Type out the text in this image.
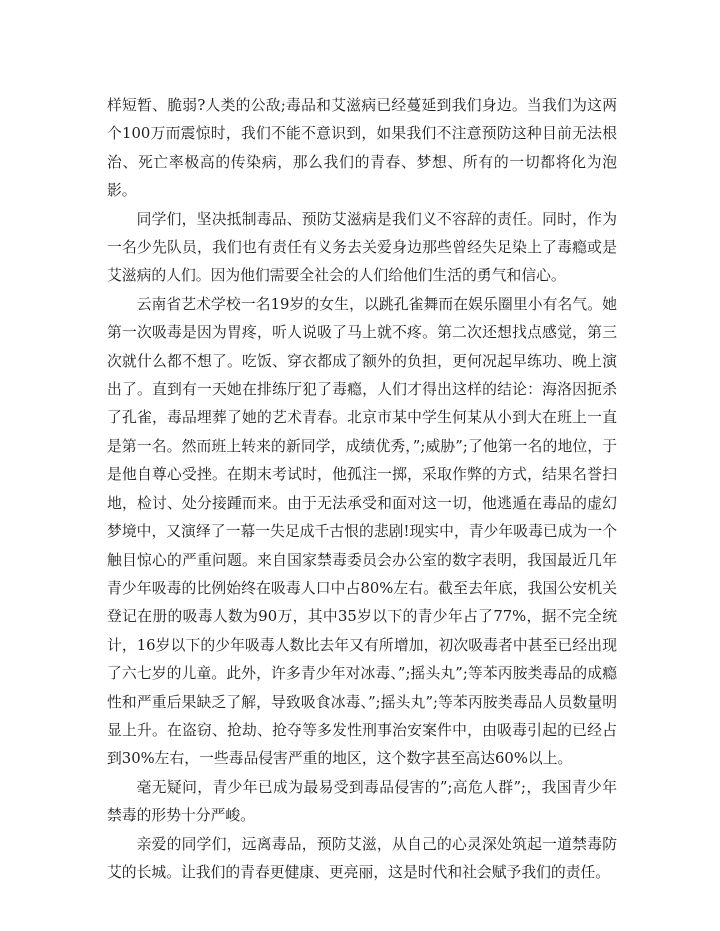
样短暂、脆弱?人类的公敌;毒品和艾滋病已经蔓延到我们身边。当我们为这两个100万而震惊时，我们不能不意识到，如果我们不注意预防这种目前无法根治、死亡率极高的传染病，那么我们的青春、梦想、所有的一切都将化为泡影。

同学们，坚决抵制毒品、预防艾滋病是我们义不容辞的责任。同时，作为一名少先队员，我们也有责任有义务去关爱身边那些曾经失足染上了毒瘾或是艾滋病的人们。因为他们需要全社会的人们给他们生活的勇气和信心。

云南省艺术学校一名19岁的女生，以跳孔雀舞而在娱乐圈里小有名气。她第一次吸毒是因为胃疼，听人说吸了马上就不疼。第二次还想找点感觉，第三次就什么都不想了。吃饭、穿衣都成了额外的负担，更何况起早练功、晚上演出了。直到有一天她在排练厅犯了毒瘾，人们才得出这样的结论：海洛因扼杀了孔雀，毒品埋葬了她的艺术青春。北京市某中学生何某从小到大在班上一直是第一名。然而班上转来的新同学，成绩优秀，”;威胁”;了他第一名的地位，于是他自尊心受挫。在期末考试时，他孤注一掷，采取作弊的方式，结果名誉扫地，检讨、处分接踵而来。由于无法承受和面对这一切，他逃遁在毒品的虚幻梦境中，又演绎了一幕一失足成千古恨的悲剧!现实中，青少年吸毒已成为一个触目惊心的严重问题。来自国家禁毒委员会办公室的数字表明，我国最近几年青少年吸毒的比例始终在吸毒人口中占80%左右。截至去年底，我国公安机关登记在册的吸毒人数为90万，其中35岁以下的青少年占了77%，据不完全统计，16岁以下的少年吸毒人数比去年又有所增加，初次吸毒者中甚至已经出现了六七岁的儿童。此外，许多青少年对冰毒、”;摇头丸”;等苯丙胺类毒品的成瘾性和严重后果缺乏了解，导致吸食冰毒、”;摇头丸”;等苯丙胺类毒品人员数量明显上升。在盗窃、抢劫、抢夺等多发性刑事治安案件中，由吸毒引起的已经占到30%左右，一些毒品侵害严重的地区，这个数字甚至高达60%以上。

毫无疑问，青少年已成为最易受到毒品侵害的”;高危人群”;，我国青少年禁毒的形势十分严峻。

亲爱的同学们，远离毒品，预防艾滋，从自己的心灵深处筑起一道禁毒防艾的长城。让我们的青春更健康、更亮丽，这是时代和社会赋予我们的责任。
